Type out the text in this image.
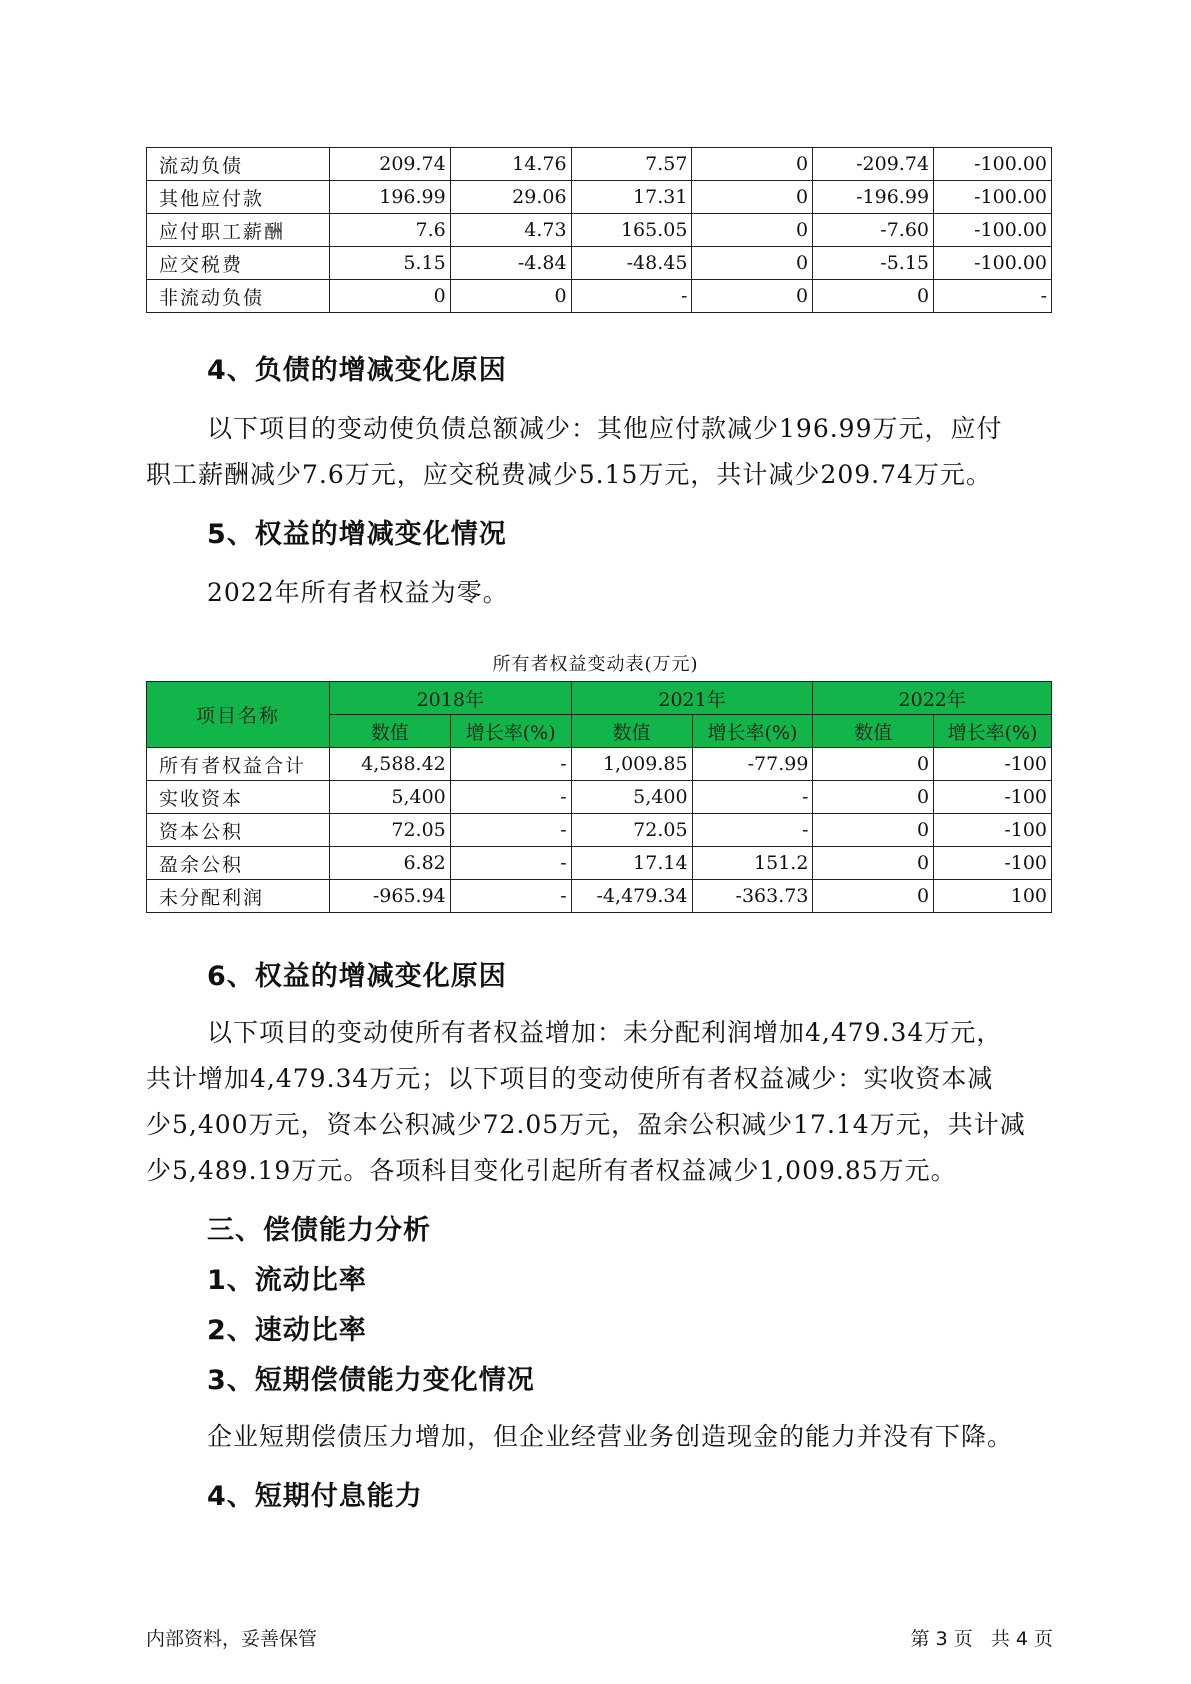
流动负债	209.74	14.76	7.57	0	-209.74	-100.00
其他应付款	196.99	29.06	17.31	0	-196.99	-100.00
应付职工薪酬	7.6	4.73	165.05	0	-7.60	-100.00
应交税费	5.15	-4.84	-48.45	0	-5.15	-100.00
非流动负债	0	0	-	0	0	-
4、负债的增减变化原因
以下项目的变动使负债总额减少：其他应付款减少196.99万元，应付
职工薪酬减少7.6万元，应交税费减少5.15万元，共计减少209.74万元。
5、权益的增减变化情况
2022年所有者权益为零。
所有者权益变动表(万元)
项目名称	2018年		2021年		2022年	
	数值	增长率(%)	数值	增长率(%)	数值	增长率(%)
所有者权益合计	4,588.42	-	1,009.85	-77.99	0	-100
实收资本	5,400	-	5,400	-	0	-100
资本公积	72.05	-	72.05	-	0	-100
盈余公积	6.82	-	17.14	151.2	0	-100
未分配利润	-965.94	-	-4,479.34	-363.73	0	100
6、权益的增减变化原因
以下项目的变动使所有者权益增加：未分配利润增加4,479.34万元，
共计增加4,479.34万元；以下项目的变动使所有者权益减少：实收资本减
少5,400万元，资本公积减少72.05万元，盈余公积减少17.14万元，共计减
少5,489.19万元。各项科目变化引起所有者权益减少1,009.85万元。
三、偿债能力分析
1、流动比率
2、速动比率
3、短期偿债能力变化情况
企业短期偿债压力增加，但企业经营业务创造现金的能力并没有下降。
4、短期付息能力
内部资料，妥善保管	第 3 页   共 4 页
